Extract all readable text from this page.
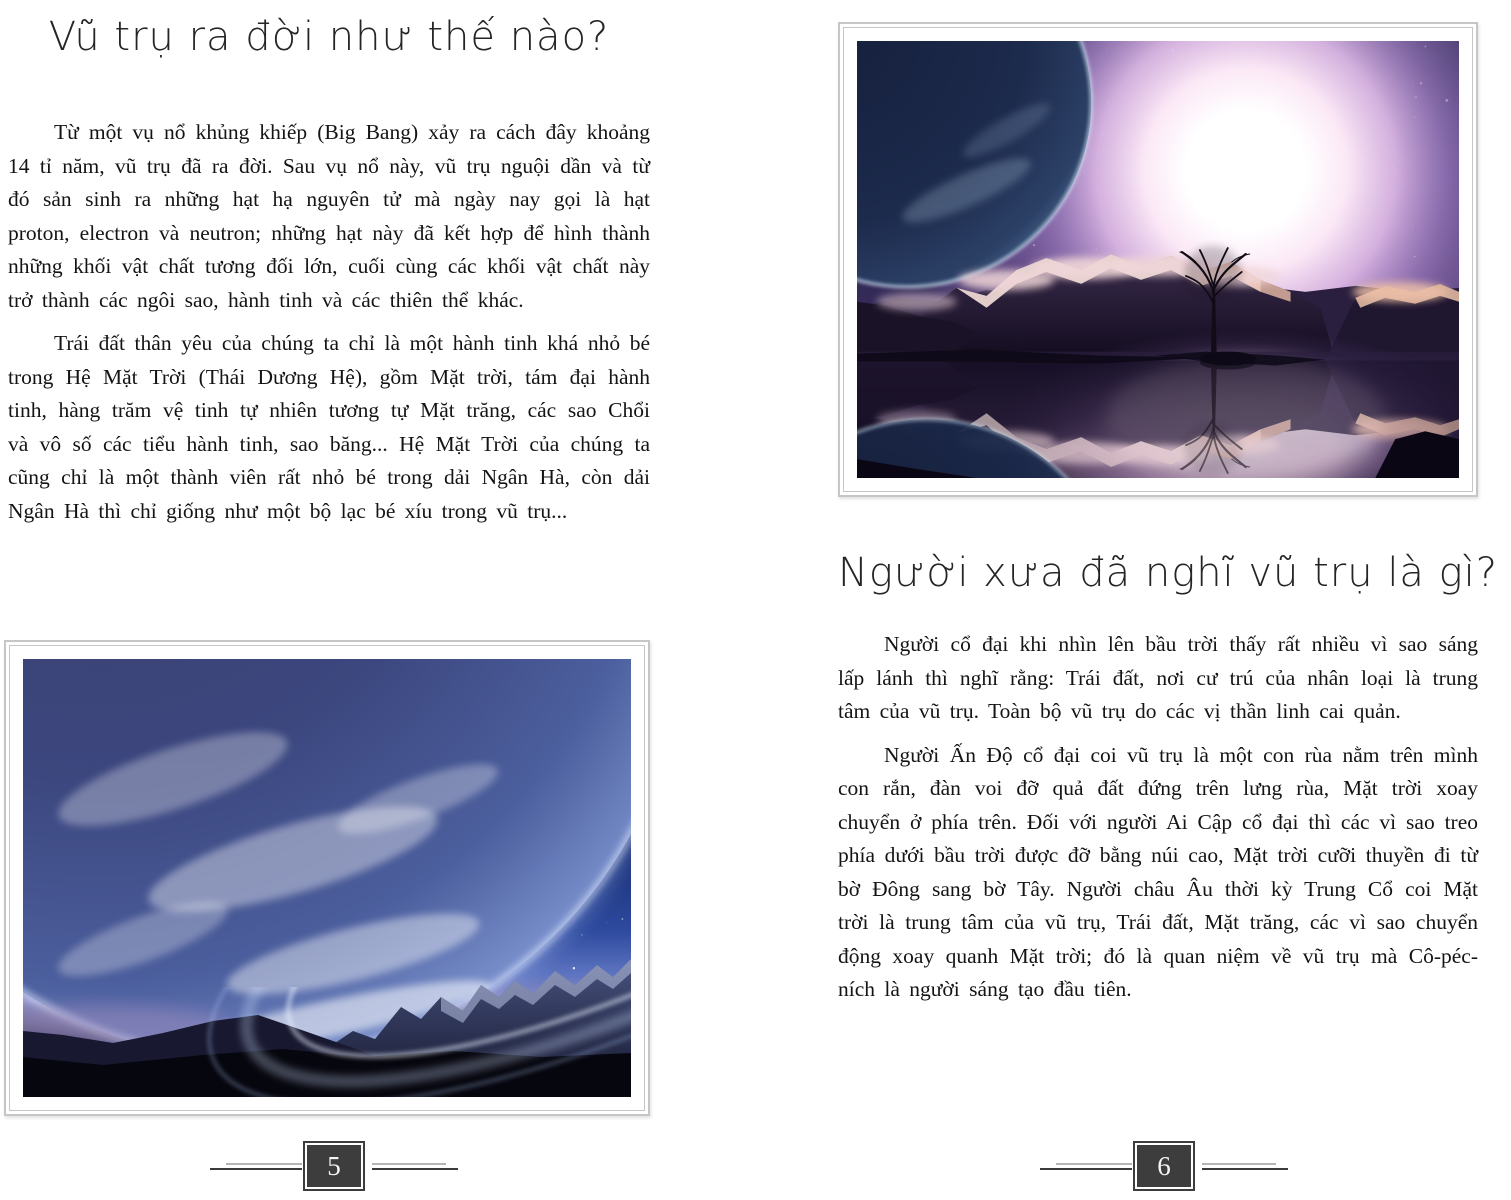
Vũ trụ ra đời như thế nào?

Từ một vụ nổ khủng khiếp (Big Bang) xảy ra cách đây khoảng 14 tỉ năm, vũ trụ đã ra đời. Sau vụ nổ này, vũ trụ nguội dần và từ đó sản sinh ra những hạt hạ nguyên tử mà ngày nay gọi là hạt proton, electron và neutron; những hạt này đã kết hợp để hình thành những khối vật chất tương đối lớn, cuối cùng các khối vật chất này trở thành các ngôi sao, hành tinh và các thiên thể khác.

Trái đất thân yêu của chúng ta chỉ là một hành tinh khá nhỏ bé trong Hệ Mặt Trời (Thái Dương Hệ), gồm Mặt trời, tám đại hành tinh, hàng trăm vệ tinh tự nhiên tương tự Mặt trăng, các sao Chổi và vô số các tiểu hành tinh, sao băng... Hệ Mặt Trời của chúng ta cũng chỉ là một thành viên rất nhỏ bé trong dải Ngân Hà, còn dải Ngân Hà thì chỉ giống như một bộ lạc bé xíu trong vũ trụ...

5
Người xưa đã nghĩ vũ trụ là gì?

Người cổ đại khi nhìn lên bầu trời thấy rất nhiều vì sao sáng lấp lánh thì nghĩ rằng: Trái đất, nơi cư trú của nhân loại là trung tâm của vũ trụ. Toàn bộ vũ trụ do các vị thần linh cai quản.

Người Ấn Độ cổ đại coi vũ trụ là một con rùa nằm trên mình con rắn, đàn voi đỡ quả đất đứng trên lưng rùa, Mặt trời xoay chuyển ở phía trên. Đối với người Ai Cập cổ đại thì các vì sao treo phía dưới bầu trời được đỡ bằng núi cao, Mặt trời cưỡi thuyền đi từ bờ Đông sang bờ Tây. Người châu Âu thời kỳ Trung Cổ coi Mặt trời là trung tâm của vũ trụ, Trái đất, Mặt trăng, các vì sao chuyển động xoay quanh Mặt trời; đó là quan niệm về vũ trụ mà Cô-péc-ních là người sáng tạo đầu tiên.

6
